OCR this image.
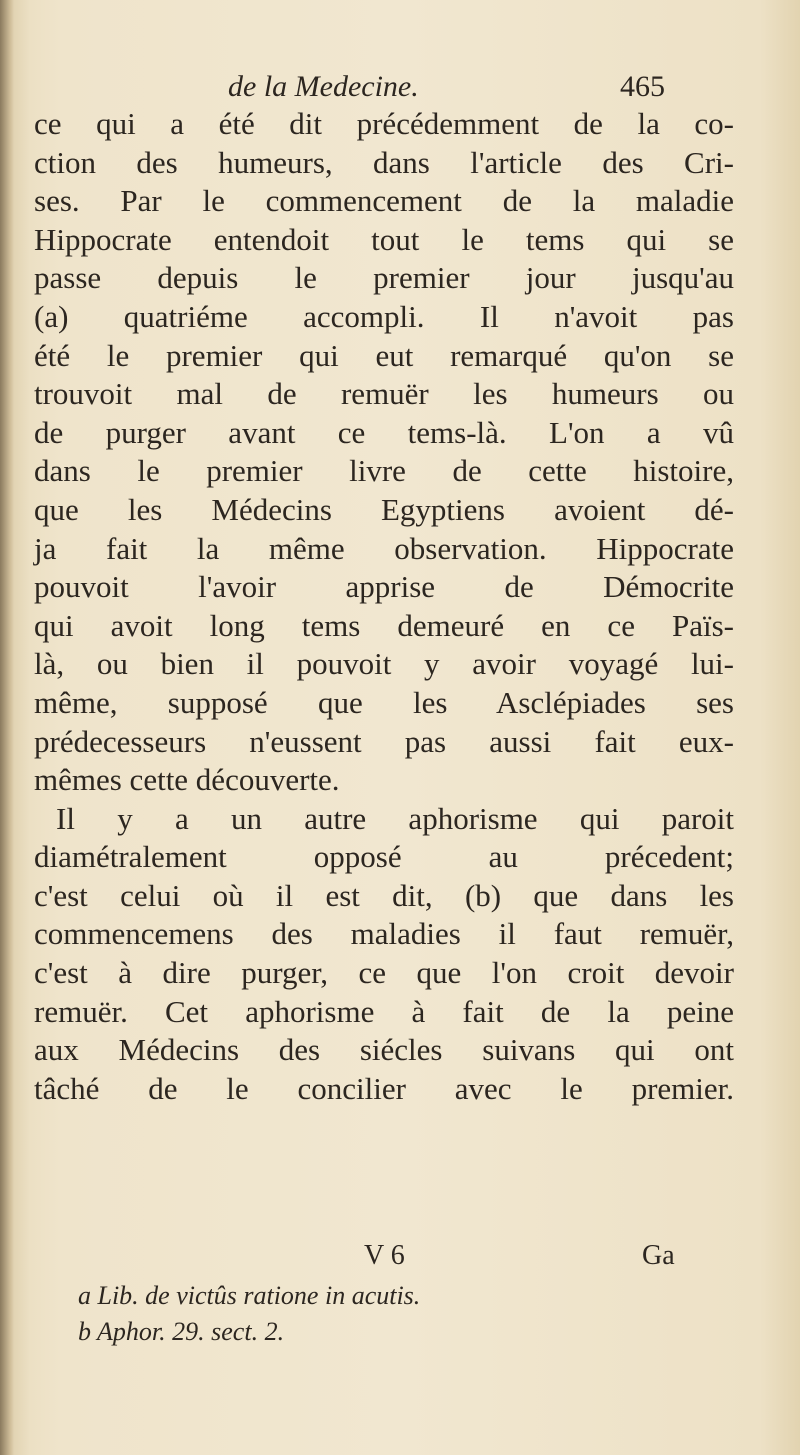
de la Medecine.	465
ce qui a été dit précédemment de la co-
ction des humeurs, dans l'article des Cri-
ses. Par le commencement de la maladie
Hippocrate entendoit tout le tems qui se
passe depuis le premier jour jusqu'au
(a) quatriéme accompli. Il n'avoit pas
été le premier qui eut remarqué qu'on se
trouvoit mal de remuër les humeurs ou
de purger avant ce tems-là. L'on a vû
dans le premier livre de cette histoire,
que les Médecins Egyptiens avoient dé-
ja fait la même observation. Hippocrate
pouvoit l'avoir apprise de Démocrite
qui avoit long tems demeuré en ce Païs-
là, ou bien il pouvoit y avoir voyagé lui-
même, supposé que les Asclépiades ses
prédecesseurs n'eussent pas aussi fait eux-
mêmes cette découverte.
Il y a un autre aphorisme qui paroit
diamétralement opposé au précedent;
c'est celui où il est dit, (b) que dans les
commencemens des maladies il faut remuër,
c'est à dire purger, ce que l'on croit devoir
remuër. Cet aphorisme à fait de la peine
aux Médecins des siécles suivans qui ont
tâché de le concilier avec le premier.
V 6	Ga
a Lib. de victûs ratione in acutis.
b Aphor. 29. sect. 2.
